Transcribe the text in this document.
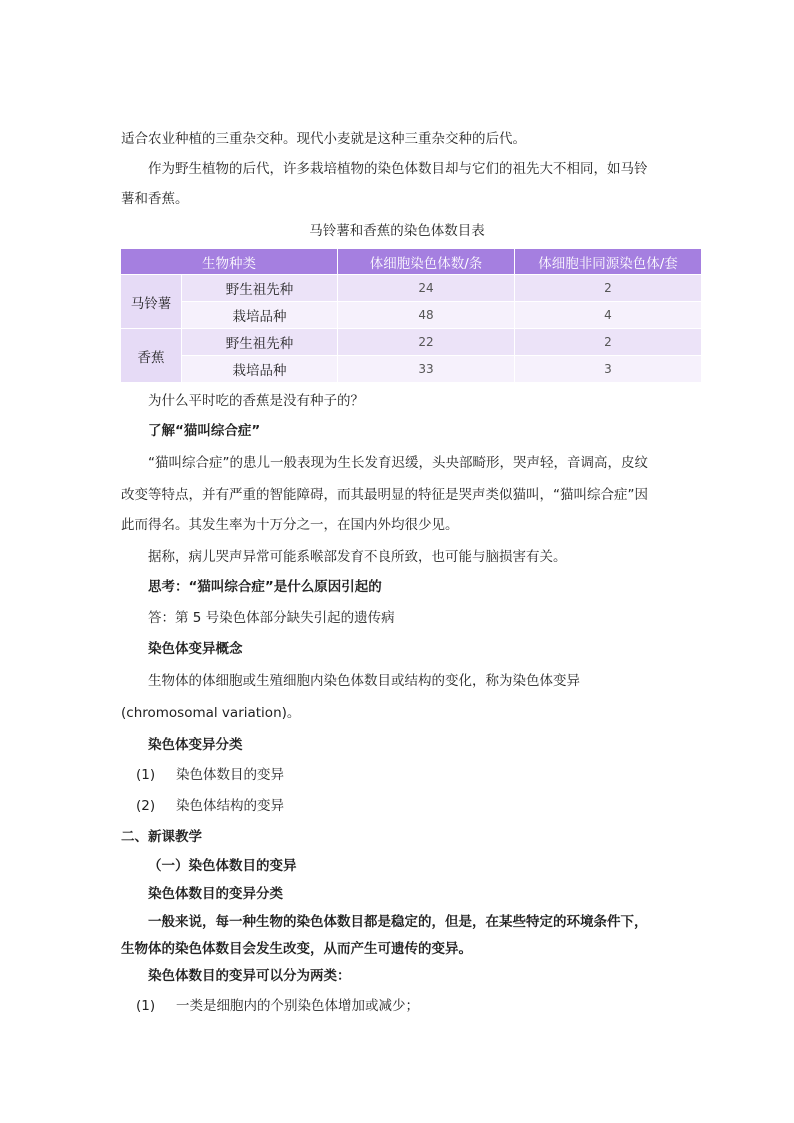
适合农业种植的三重杂交种。现代小麦就是这种三重杂交种的后代。
作为野生植物的后代，许多栽培植物的染色体数目却与它们的祖先大不相同，如马铃
薯和香蕉。
马铃薯和香蕉的染色体数目表
生物种类		体细胞染色体数/条	体细胞非同源染色体/套
马铃薯	野生祖先种	24	2
	栽培品种	48	4
香蕉	野生祖先种	22	2
	栽培品种	33	3
为什么平时吃的香蕉是没有种子的？
了解“猫叫综合症”
“猫叫综合症”的患儿一般表现为生长发育迟缓，头央部畸形，哭声轻，音调高，皮纹
改变等特点，并有严重的智能障碍，而其最明显的特征是哭声类似猫叫，“猫叫综合症”因
此而得名。其发生率为十万分之一，在国内外均很少见。
据称，病儿哭声异常可能系喉部发育不良所致，也可能与脑损害有关。
思考：“猫叫综合症”是什么原因引起的
答：第 5 号染色体部分缺失引起的遗传病
染色体变异概念
生物体的体细胞或生殖细胞内染色体数目或结构的变化，称为染色体变异
(chromosomal variation)。
染色体变异分类
(1) 染色体数目的变异
(2) 染色体结构的变异
二、新课教学
（一）染色体数目的变异
染色体数目的变异分类
一般来说，每一种生物的染色体数目都是稳定的，但是，在某些特定的环境条件下，
生物体的染色体数目会发生改变，从而产生可遗传的变异。
染色体数目的变异可以分为两类：
(1) 一类是细胞内的个别染色体增加或减少；
